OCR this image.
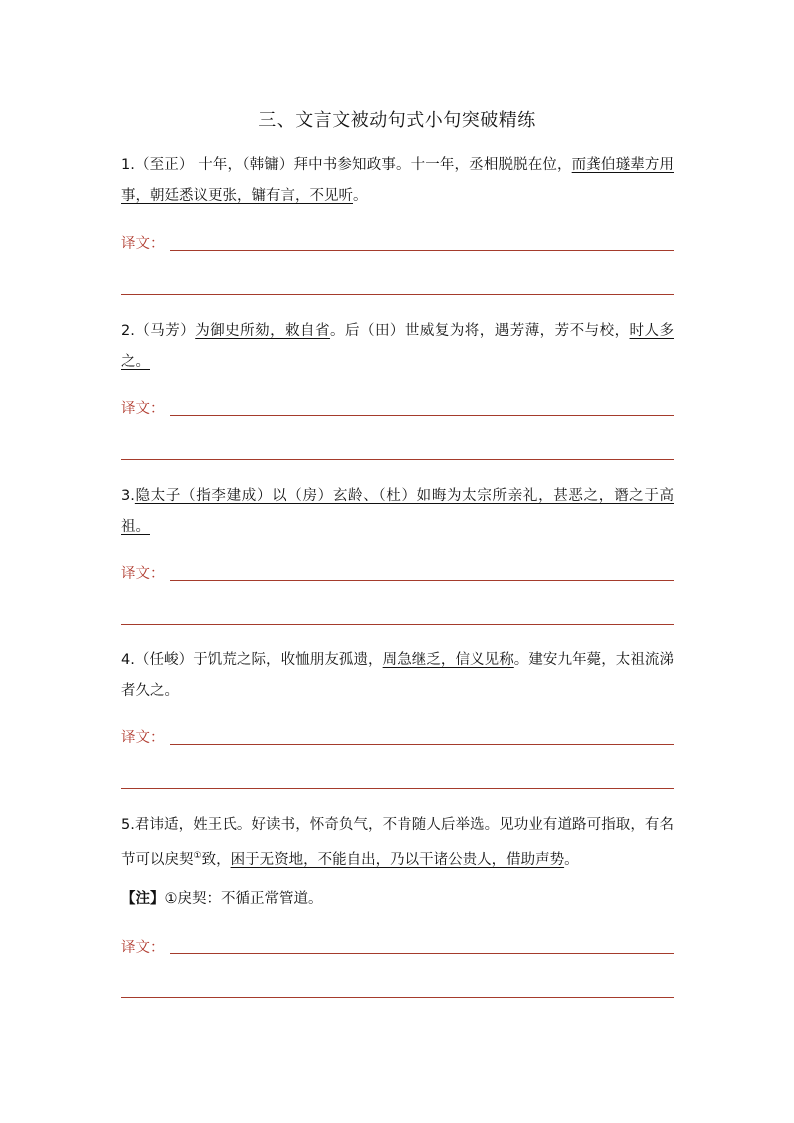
三、文言文被动句式小句突破精练
1.（至正） 十年，（韩镛）拜中书参知政事。十一年，丞相脱脱在位，而龚伯璲辈方用事，朝廷悉议更张，镛有言，不见听。
译文：
2.（马芳）为御史所劾，敕自省。后（田）世威复为将，遇芳薄，芳不与校，时人多之。
译文：
3.隐太子（指李建成）以（房）玄龄、（杜）如晦为太宗所亲礼，甚恶之，谮之于高祖。
译文：
4.（任峻）于饥荒之际，收恤朋友孤遗，周急继乏，信义见称。建安九年薨，太祖流涕者久之。
译文：
5.君讳适，姓王氏。好读书，怀奇负气，不肯随人后举选。见功业有道路可指取，有名节可以戾契①致，困于无资地，不能自出，乃以干诸公贵人，借助声势。
【注】①戾契：不循正常管道。
译文：
